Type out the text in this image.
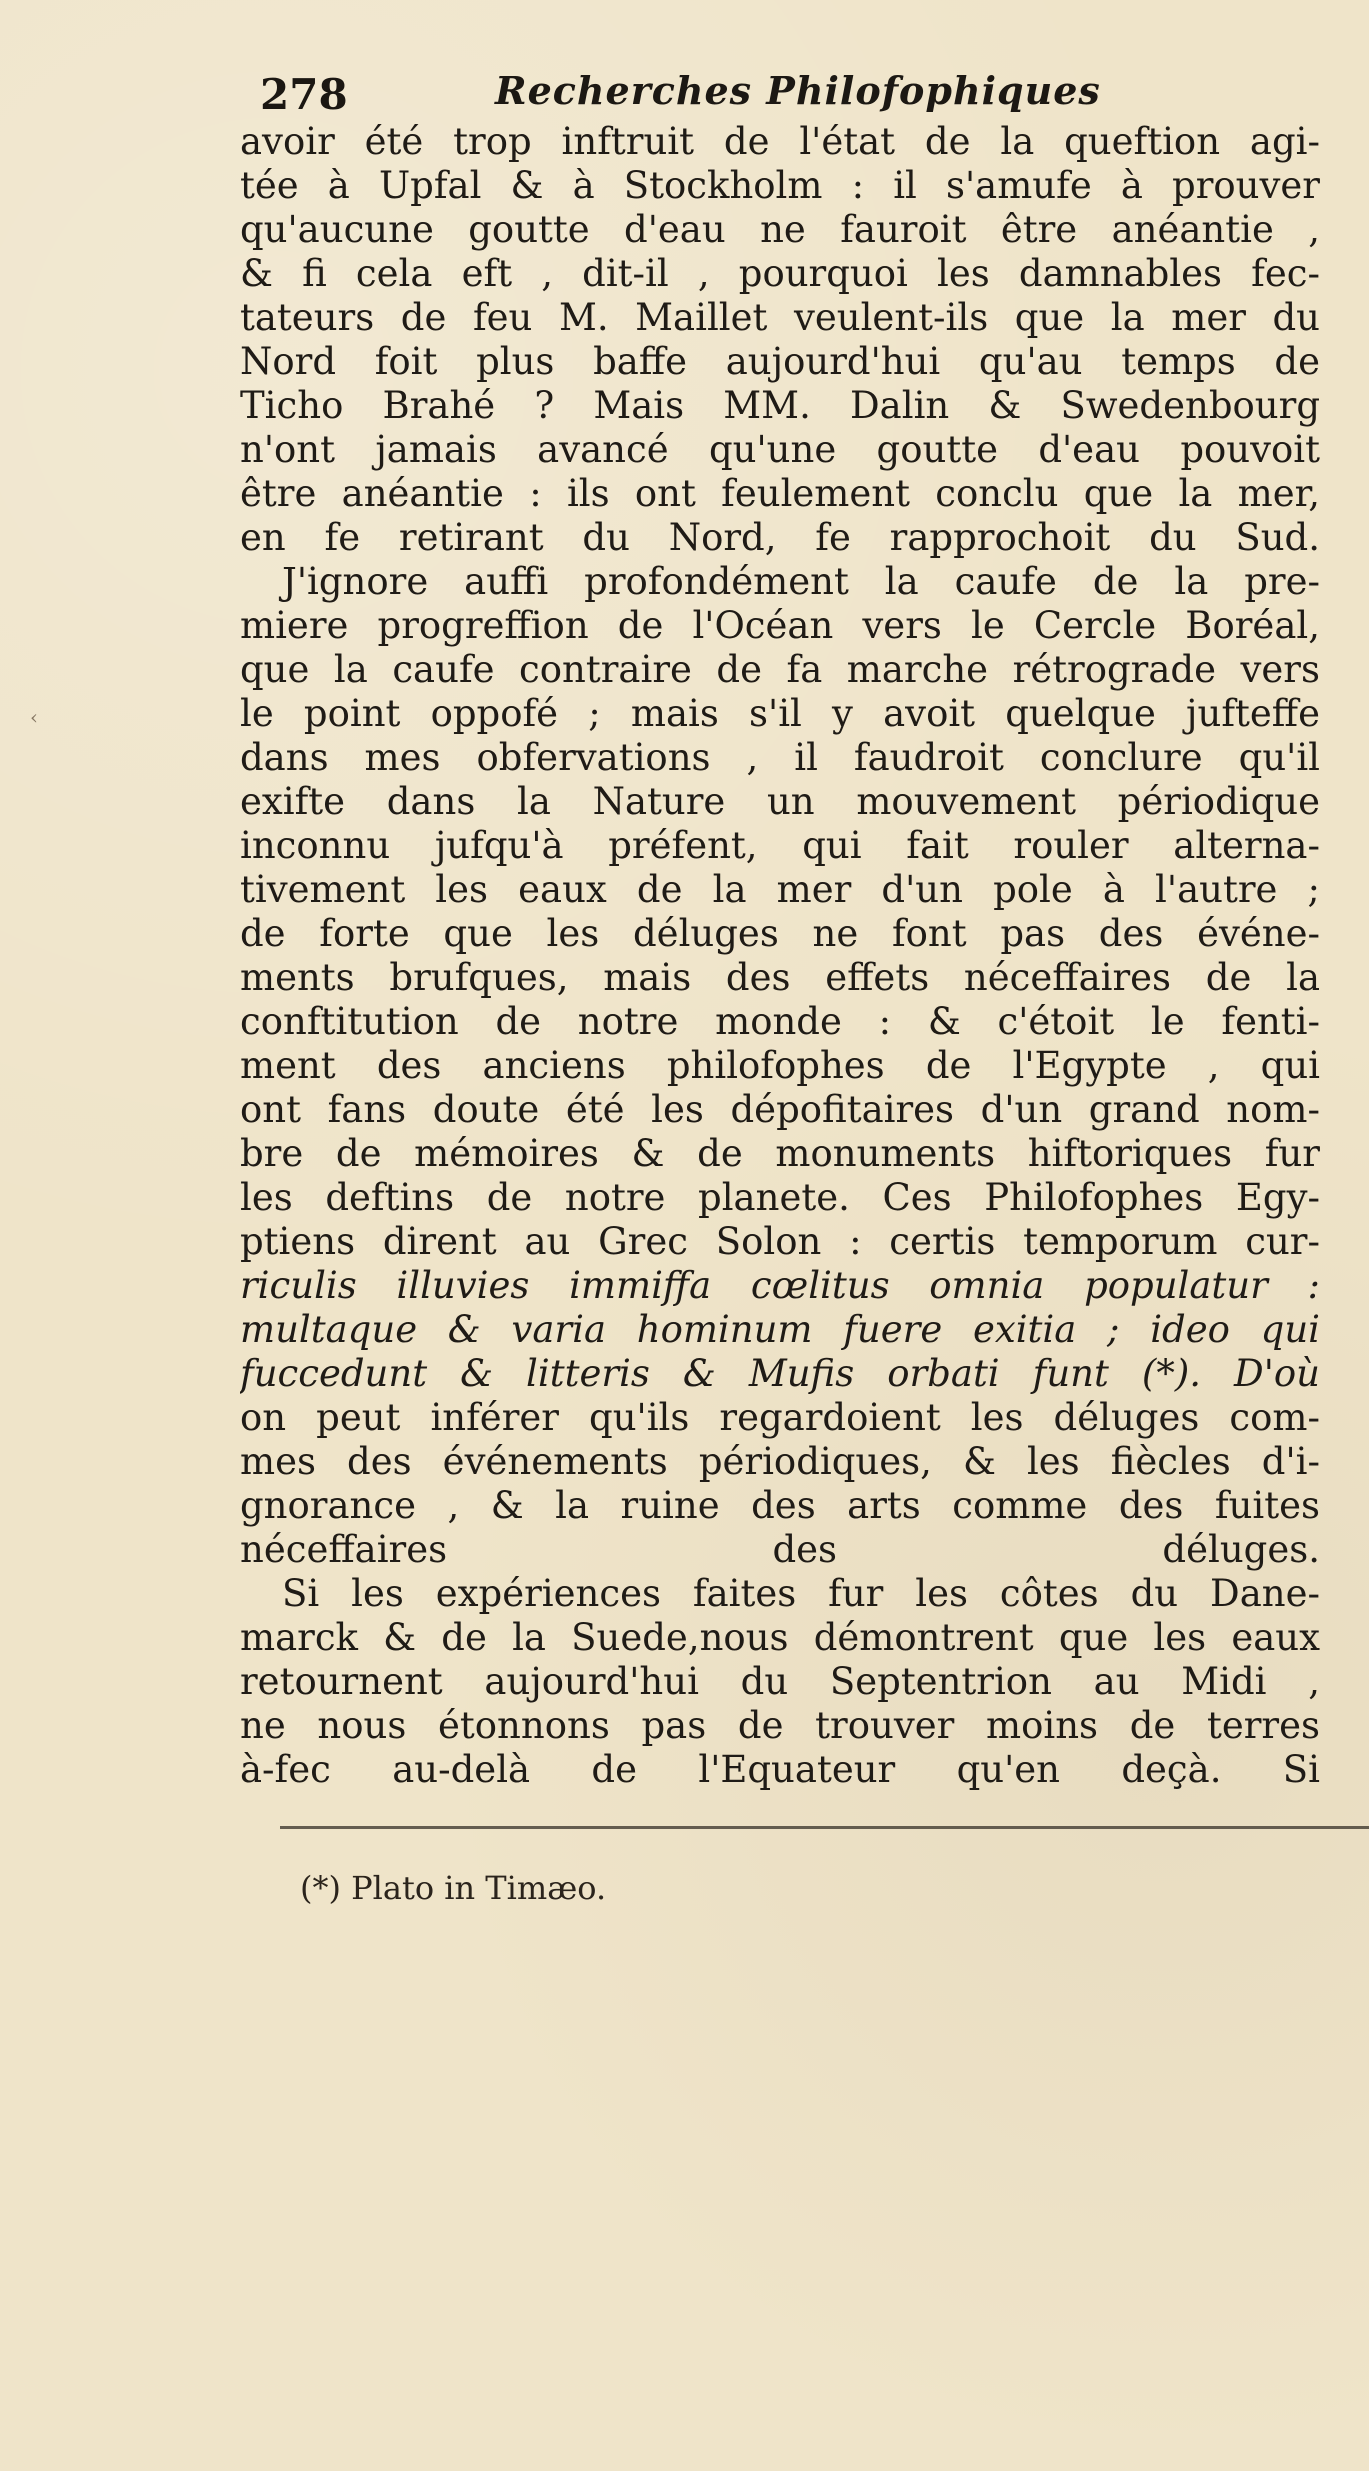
278	Recherches Philofophiques
avoir été trop inftruit de l'état de la queftion agi-
tée à Upfal & à Stockholm : il s'amufe à prouver
qu'aucune goutte d'eau ne fauroit être anéantie ,
& fi cela eft , dit-il , pourquoi les damnables fec-
tateurs de feu M. Maillet veulent-ils que la mer du
Nord foit plus baffe aujourd'hui qu'au temps de
Ticho Brahé ? Mais MM. Dalin & Swedenbourg
n'ont jamais avancé qu'une goutte d'eau pouvoit
être anéantie : ils ont feulement conclu que la mer,
en fe retirant du Nord, fe rapprochoit du Sud.
J'ignore auffi profondément la caufe de la pre-
miere progreffion de l'Océan vers le Cercle Boréal,
que la caufe contraire de fa marche rétrograde vers
le point oppofé ; mais s'il y avoit quelque jufteffe
dans mes obfervations , il faudroit conclure qu'il
exifte dans la Nature un mouvement périodique
inconnu jufqu'à préfent, qui fait rouler alterna-
tivement les eaux de la mer d'un pole à l'autre ;
de forte que les déluges ne font pas des événe-
ments brufques, mais des effets néceffaires de la
conftitution de notre monde : & c'étoit le fenti-
ment des anciens philofophes de l'Egypte , qui
ont fans doute été les dépofitaires d'un grand nom-
bre de mémoires & de monuments hiftoriques fur
les deftins de notre planete. Ces Philofophes Egy-
ptiens dirent au Grec Solon : certis temporum cur-
riculis illuvies immiffa cœlitus omnia populatur :
multaque & varia hominum fuere exitia ; ideo qui
fuccedunt & litteris & Mufis orbati funt (*). D'où
on peut inférer qu'ils regardoient les déluges com-
mes des événements périodiques, & les fiècles d'i-
gnorance , & la ruine des arts comme des fuites
néceffaires des déluges.
Si les expériences faites fur les côtes du Dane-
marck & de la Suede,nous démontrent que les eaux
retournent aujourd'hui du Septentrion au Midi ,
ne nous étonnons pas de trouver moins de terres
à-fec au-delà de l'Equateur qu'en deçà. Si
(*) Plato in Timæo.
‹
